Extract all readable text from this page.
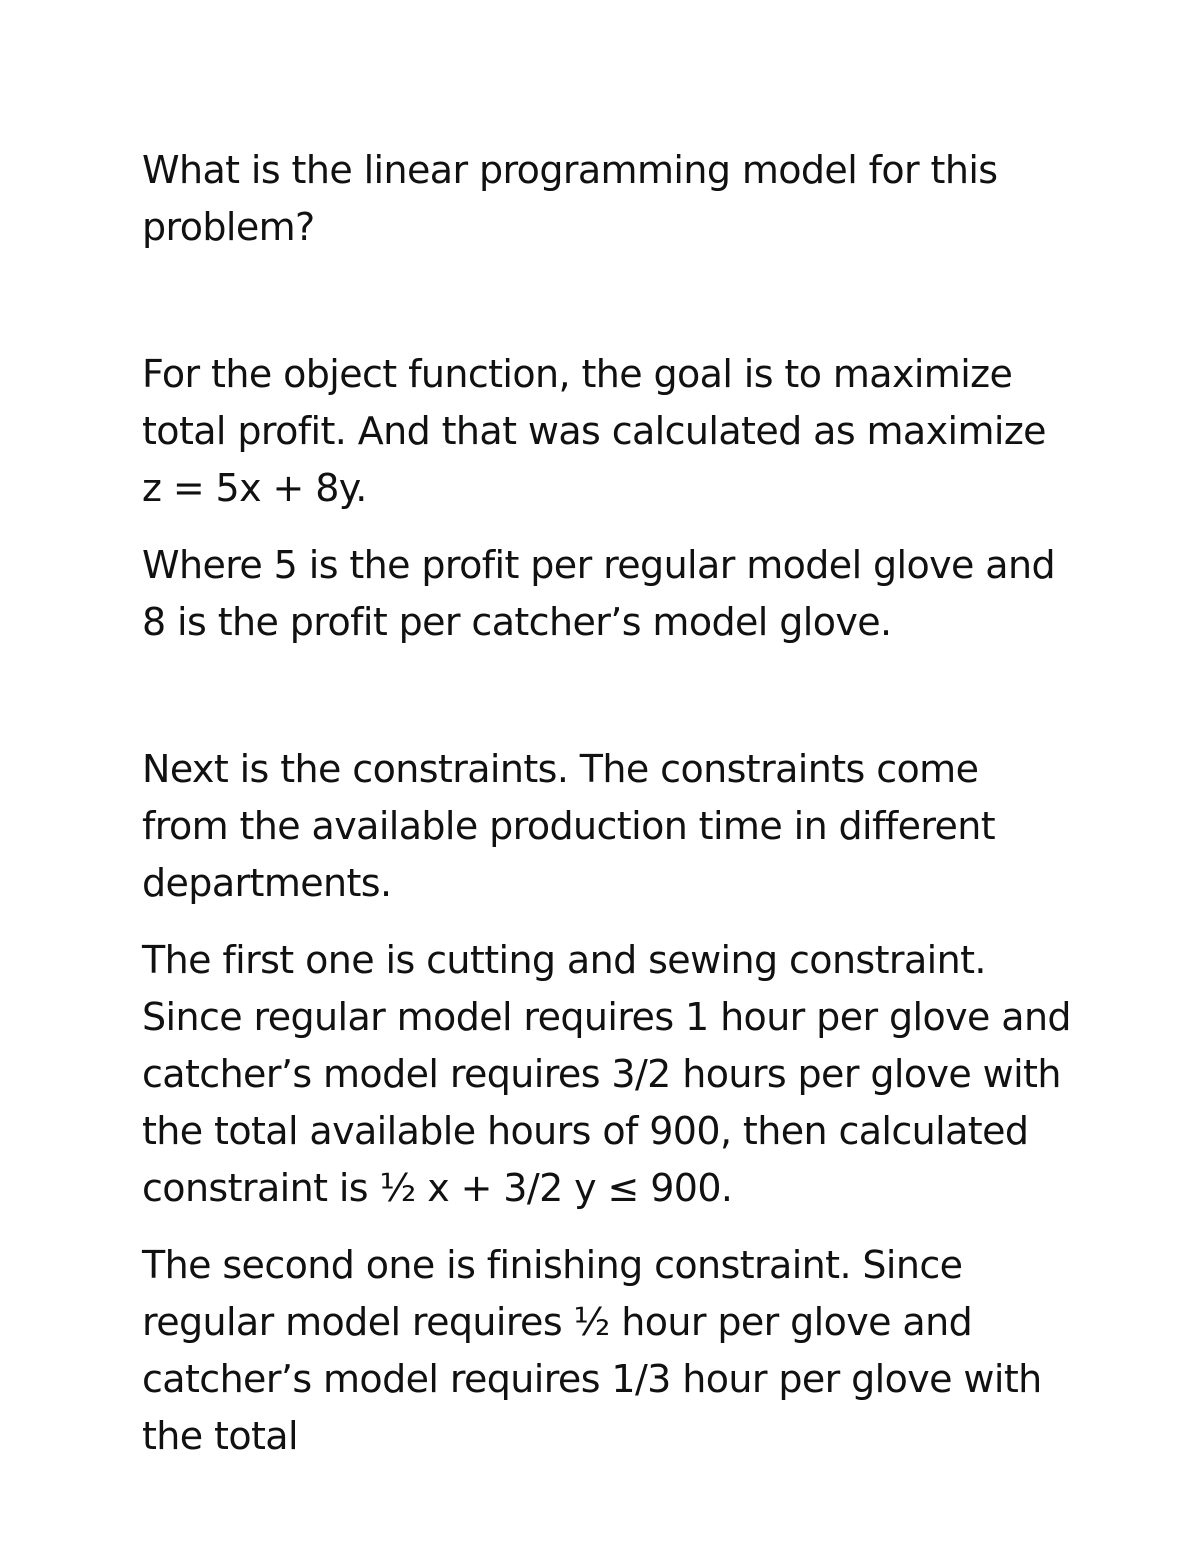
What is the linear programming model for this problem?

For the object function, the goal is to maximize total profit. And that was calculated as maximize z = 5x + 8y.

Where 5 is the profit per regular model glove and 8 is the profit per catcher’s model glove.

Next is the constraints. The constraints come from the available production time in different departments.

The first one is cutting and sewing constraint. Since regular model requires 1 hour per glove and catcher’s model requires 3/2 hours per glove with the total available hours of 900, then calculated constraint is ½ x + 3/2 y ≤ 900.

The second one is finishing constraint. Since regular model requires ½ hour per glove and catcher’s model requires 1/3 hour per glove with the total
